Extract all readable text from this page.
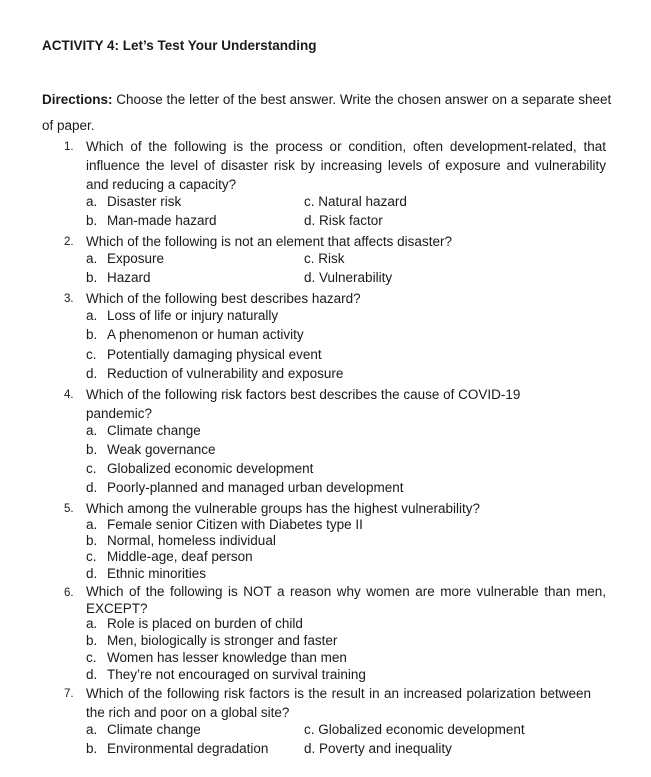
ACTIVITY 4: Let’s Test Your Understanding
Directions: Choose the letter of the best answer. Write the chosen answer on a separate sheet of paper.
1. Which of the following is the process or condition, often development-related, that influence the level of disaster risk by increasing levels of exposure and vulnerability and reducing a capacity?
a. Disaster risk	c. Natural hazard
b. Man-made hazard	d. Risk factor
2. Which of the following is not an element that affects disaster?
a. Exposure	c. Risk
b. Hazard	d. Vulnerability
3. Which of the following best describes hazard?
a. Loss of life or injury naturally
b. A phenomenon or human activity
c. Potentially damaging physical event
d. Reduction of vulnerability and exposure
4. Which of the following risk factors best describes the cause of COVID-19 pandemic?
a. Climate change
b. Weak governance
c. Globalized economic development
d. Poorly-planned and managed urban development
5. Which among the vulnerable groups has the highest vulnerability?
a. Female senior Citizen with Diabetes type II
b. Normal, homeless individual
c. Middle-age, deaf person
d. Ethnic minorities
6. Which of the following is NOT a reason why women are more vulnerable than men, EXCEPT?
a. Role is placed on burden of child
b. Men, biologically is stronger and faster
c. Women has lesser knowledge than men
d. They’re not encouraged on survival training
7. Which of the following risk factors is the result in an increased polarization between the rich and poor on a global site?
a. Climate change	c. Globalized economic development
b. Environmental degradation	d. Poverty and inequality
